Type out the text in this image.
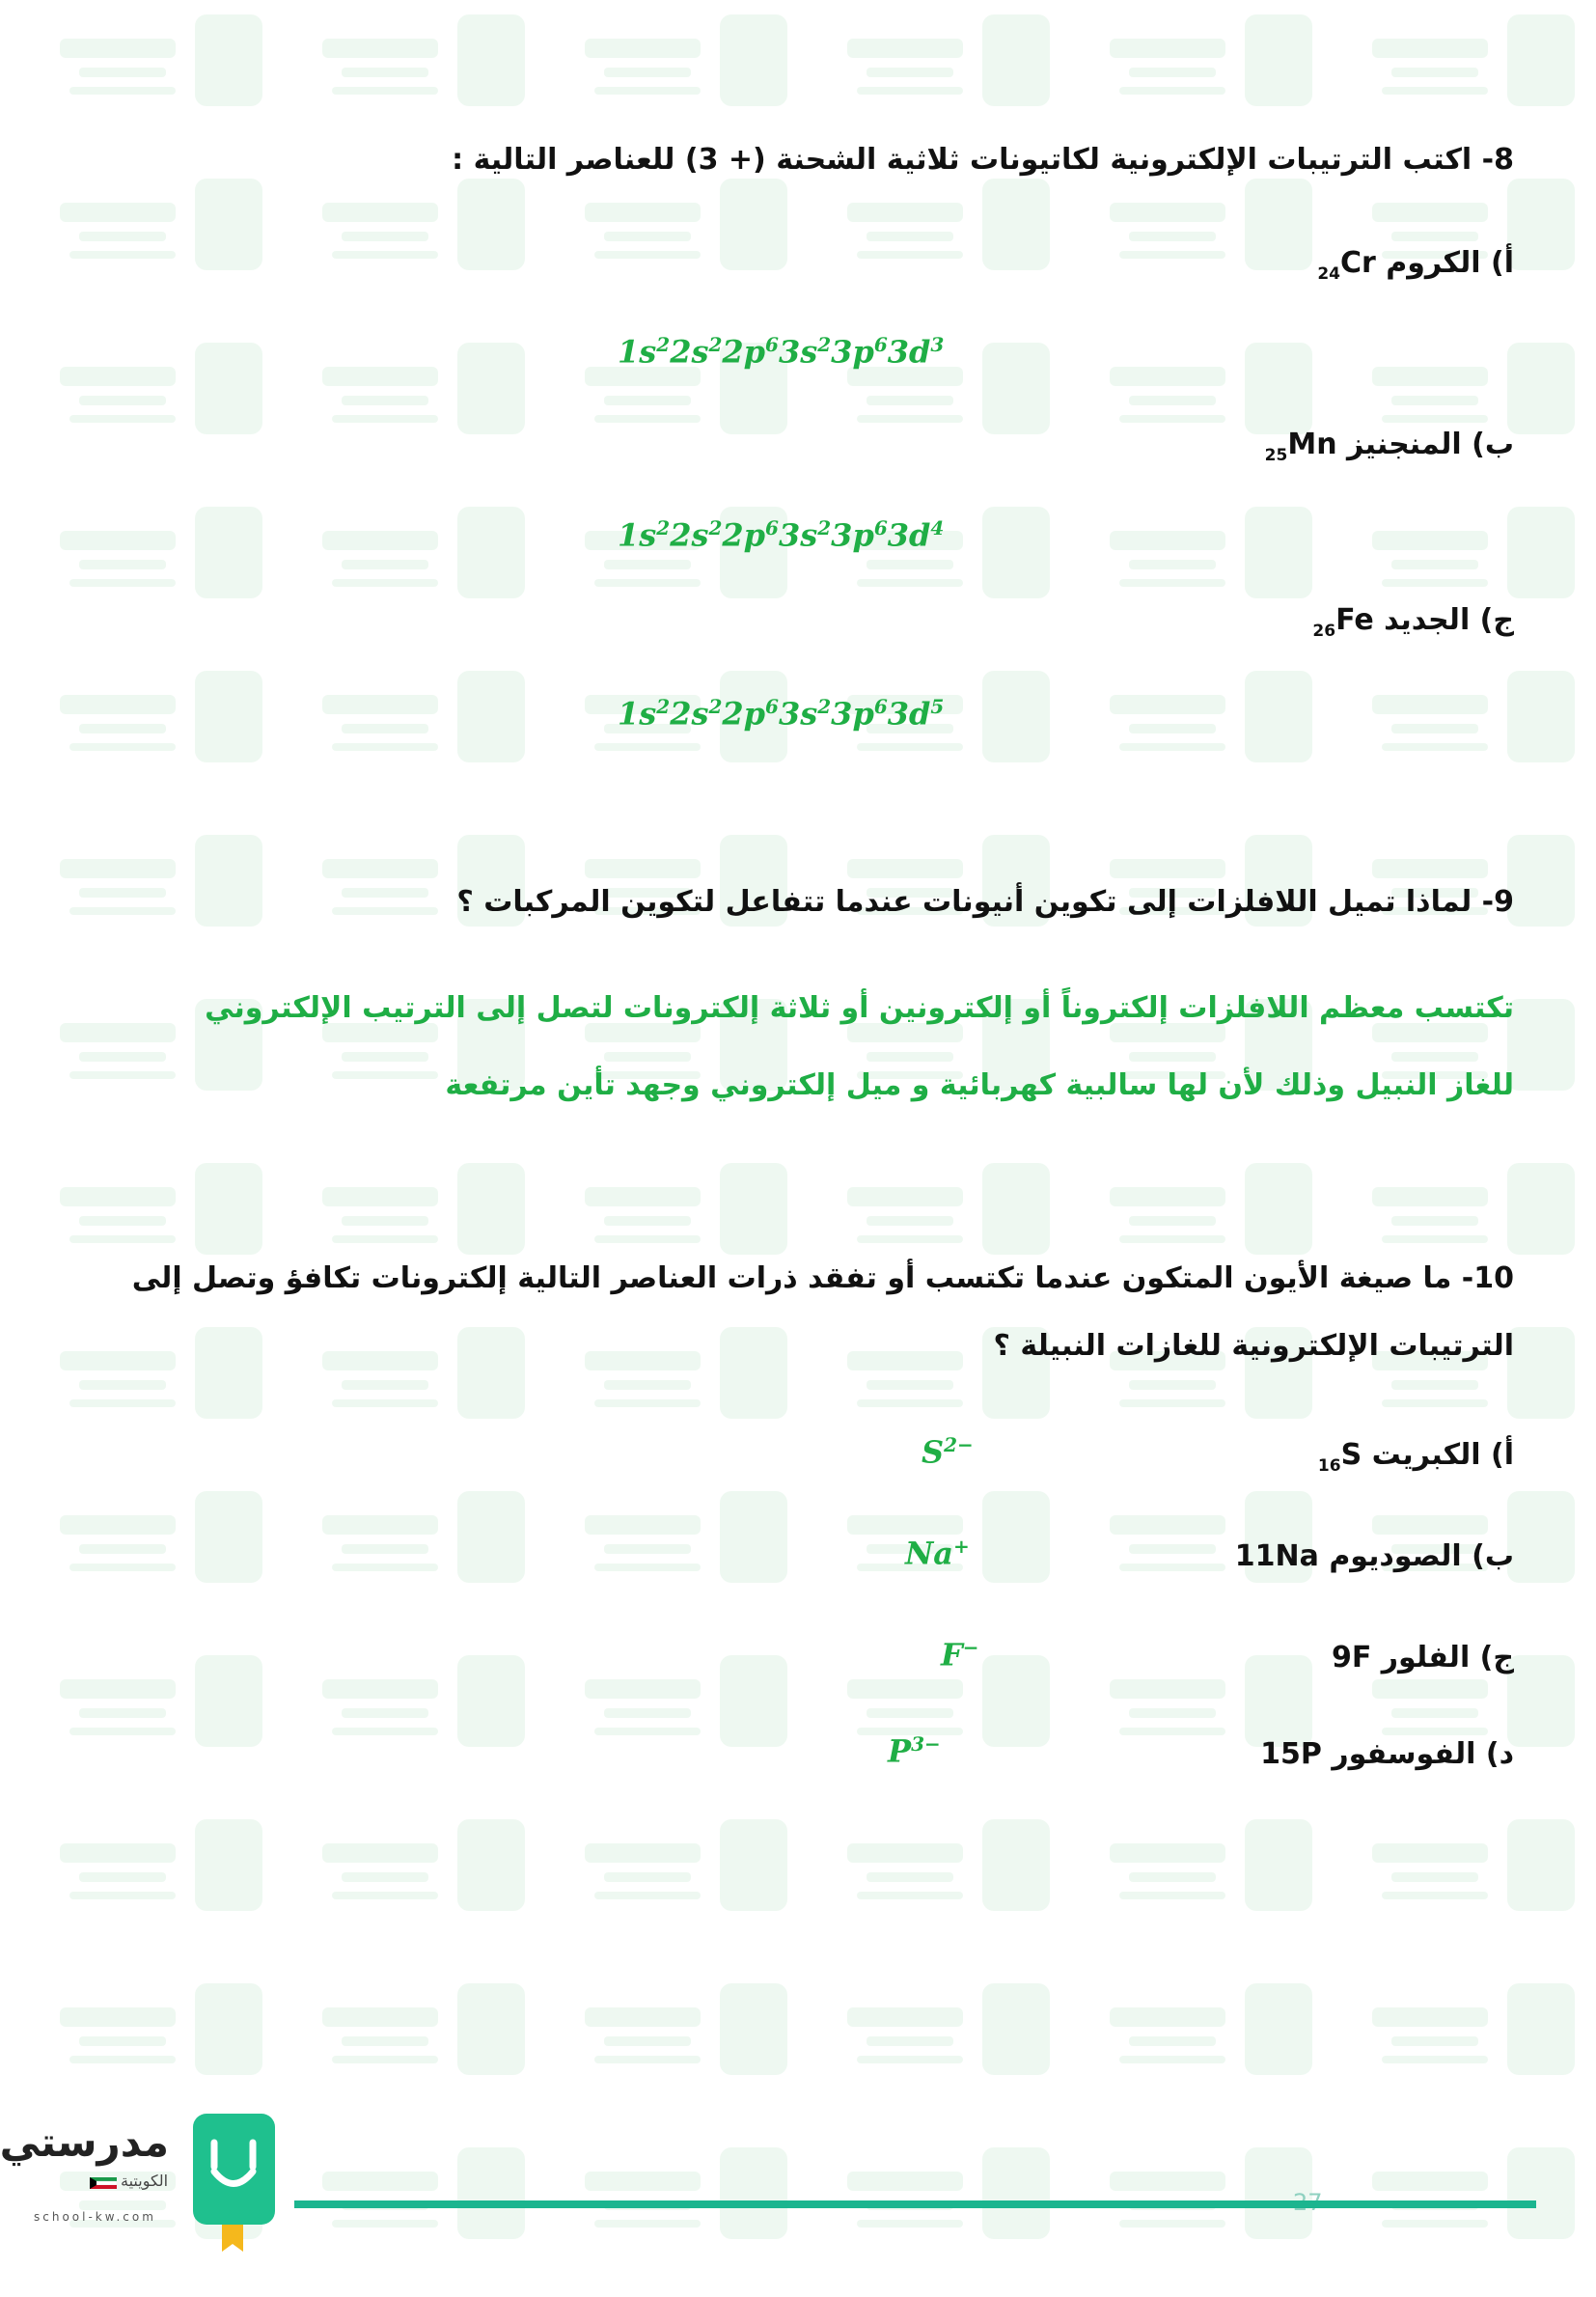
8- اكتب الترتيبات الإلكترونية لكاتيونات ثلاثية الشحنة (+ 3) للعناصر التالية :
أ) الكروم $_{24}$Cr
$1s^22s^22p^63s^23p^63d^3$
ب) المنجنيز $_{25}$Mn
$1s^22s^22p^63s^23p^63d^4$
ج) الجديد $_{26}$Fe
$1s^22s^22p^63s^23p^63d^5$
9- لماذا تميل اللافلزات إلى تكوين أنيونات عندما تتفاعل لتكوين المركبات ؟
تكتسب معظم اللافلزات إلكتروناً أو إلكترونين أو ثلاثة إلكترونات لتصل إلى الترتيب الإلكتروني للغاز النبيل وذلك لأن لها سالبية كهربائية و ميل إلكتروني وجهد تأين مرتفعة
10- ما صيغة الأيون المتكون عندما تكتسب أو تفقد ذرات العناصر التالية إلكترونات تكافؤ وتصل إلى الترتيبات الإلكترونية للغازات النبيلة ؟
أ) الكبريت $_{16}$S
$S^{2-}$
ب) الصوديوم 11Na
Na+
ج) الفلور 9F
F−
د) الفوسفور 15P
$P^{3-}$
مدرستي
الكويتية
school-kw.com
